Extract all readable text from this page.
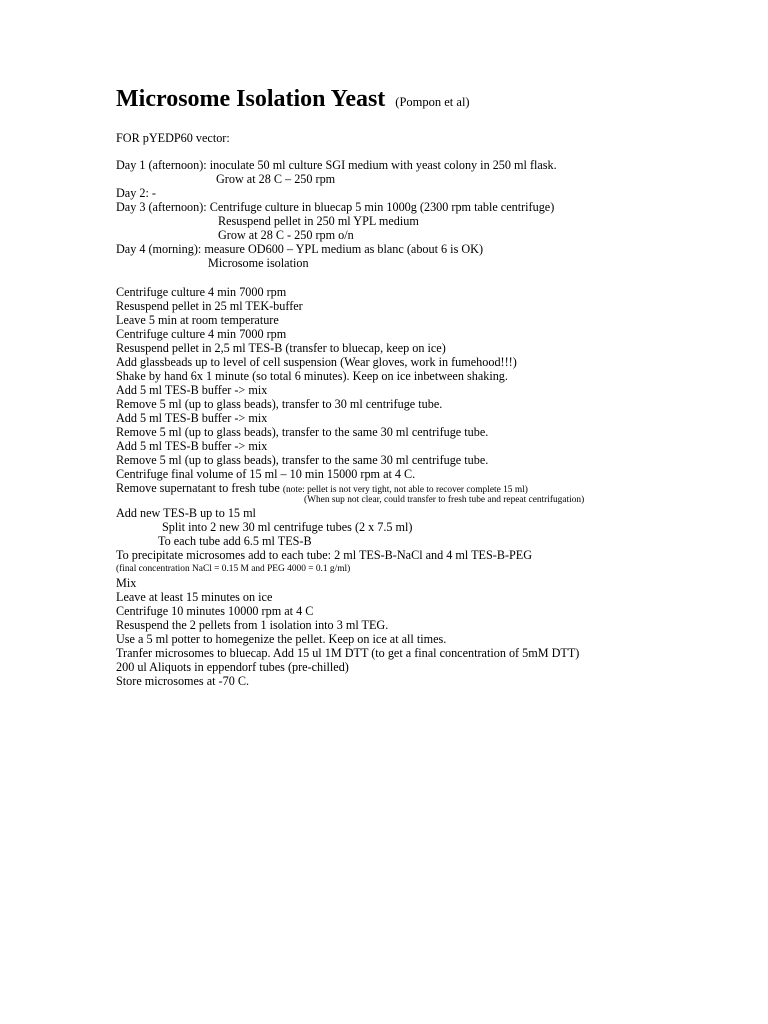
Microsome Isolation Yeast (Pompon et al)
FOR pYEDP60 vector:
Day 1 (afternoon): inoculate 50 ml culture SGI medium with yeast colony in 250 ml flask.
Grow at 28 C – 250 rpm
Day 2: -
Day 3 (afternoon): Centrifuge culture in bluecap 5 min 1000g (2300 rpm table centrifuge)
Resuspend pellet in 250 ml YPL medium
Grow at 28 C - 250 rpm o/n
Day 4 (morning): measure OD600 – YPL medium as blanc (about 6 is OK)
Microsome isolation
Centrifuge culture 4 min 7000 rpm
Resuspend pellet in 25 ml TEK-buffer
Leave 5 min at room temperature
Centrifuge culture 4 min 7000 rpm
Resuspend pellet in 2,5 ml TES-B (transfer to bluecap, keep on ice)
Add glassbeads up to level of cell suspension (Wear gloves, work in fumehood!!!)
Shake by hand 6x 1 minute (so total 6 minutes). Keep on ice inbetween shaking.
Add 5 ml TES-B buffer -> mix
Remove 5 ml (up to glass beads), transfer to 30 ml centrifuge tube.
Add 5 ml TES-B buffer -> mix
Remove 5 ml (up to glass beads), transfer to the same 30 ml centrifuge tube.
Add 5 ml TES-B buffer -> mix
Remove 5 ml (up to glass beads), transfer to the same 30 ml centrifuge tube.
Centrifuge final volume of 15 ml – 10 min 15000 rpm at 4 C.
Remove supernatant to fresh tube (note: pellet is not very tight, not able to recover complete 15 ml)
(When sup not clear, could transfer to fresh tube and repeat centrifugation)
Add new TES-B up to 15 ml
Split into 2 new 30 ml centrifuge tubes (2 x 7.5 ml)
To each tube add 6.5 ml TES-B
To precipitate microsomes add to each tube: 2 ml TES-B-NaCl and 4 ml TES-B-PEG
(final concentration NaCl = 0.15 M and PEG 4000 = 0.1 g/ml)
Mix
Leave at least 15 minutes on ice
Centrifuge 10 minutes 10000 rpm at 4 C
Resuspend the 2 pellets from 1 isolation into 3 ml TEG.
Use a 5 ml potter to homegenize the pellet. Keep on ice at all times.
Tranfer microsomes to bluecap. Add 15 ul 1M DTT (to get a final concentration of 5mM DTT)
200 ul Aliquots in eppendorf tubes (pre-chilled)
Store microsomes at -70 C.
